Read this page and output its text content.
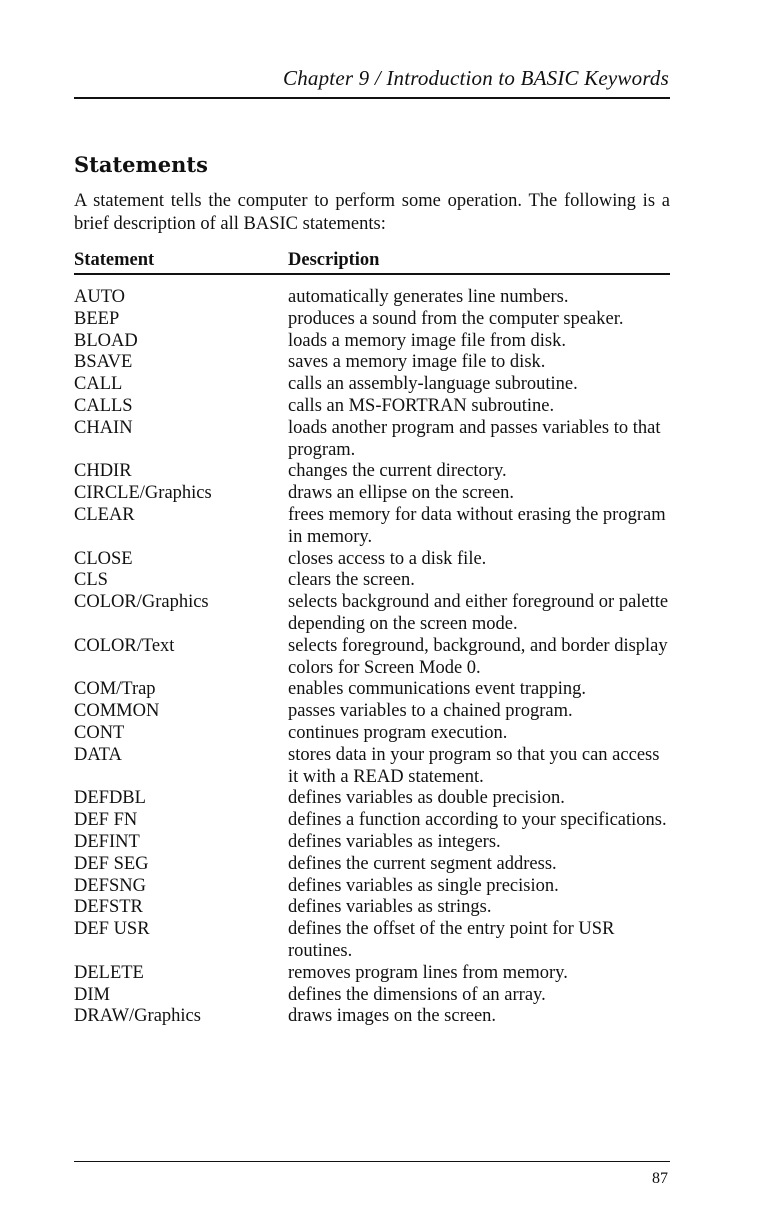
Chapter 9 / Introduction to BASIC Keywords
Statements
A statement tells the computer to perform some operation. The following is a brief description of all BASIC statements:
Statement	Description
AUTO	automatically generates line numbers.
BEEP	produces a sound from the computer speaker.
BLOAD	loads a memory image file from disk.
BSAVE	saves a memory image file to disk.
CALL	calls an assembly-language subroutine.
CALLS	calls an MS-FORTRAN subroutine.
CHAIN	loads another program and passes variables to that program.
CHDIR	changes the current directory.
CIRCLE/Graphics	draws an ellipse on the screen.
CLEAR	frees memory for data without erasing the program in memory.
CLOSE	closes access to a disk file.
CLS	clears the screen.
COLOR/Graphics	selects background and either foreground or palette depending on the screen mode.
COLOR/Text	selects foreground, background, and border display colors for Screen Mode 0.
COM/Trap	enables communications event trapping.
COMMON	passes variables to a chained program.
CONT	continues program execution.
DATA	stores data in your program so that you can access it with a READ statement.
DEFDBL	defines variables as double precision.
DEF FN	defines a function according to your specifications.
DEFINT	defines variables as integers.
DEF SEG	defines the current segment address.
DEFSNG	defines variables as single precision.
DEFSTR	defines variables as strings.
DEF USR	defines the offset of the entry point for USR routines.
DELETE	removes program lines from memory.
DIM	defines the dimensions of an array.
DRAW/Graphics	draws images on the screen.
87
